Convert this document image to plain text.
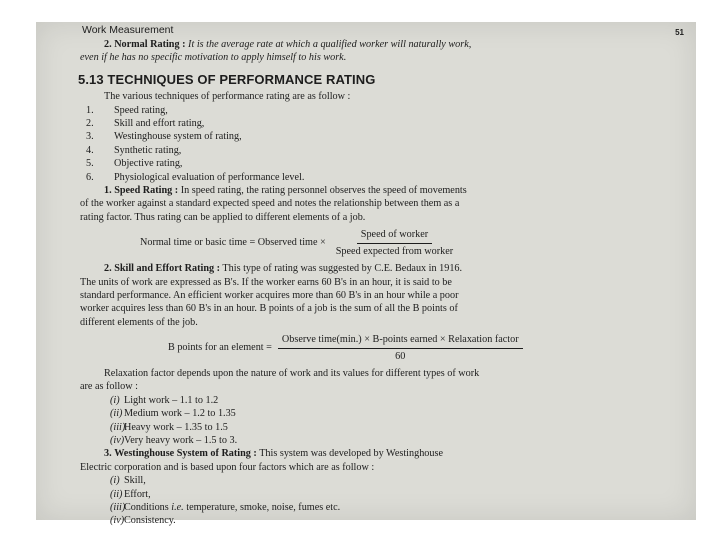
Work Measurement	51

2. Normal Rating : It is the average rate at which a qualified worker will naturally work,

even if he has no specific motivation to apply himself to his work.

5.13 TECHNIQUES OF PERFORMANCE RATING

The various techniques of performance rating are as follow :

1.	Speed rating,
2.	Skill and effort rating,
3.	Westinghouse system of rating,
4.	Synthetic rating,
5.	Objective rating,
6.	Physiological evaluation of performance level.

1. Speed Rating : In speed rating, the rating personnel observes the speed of movements

of the worker against a standard expected speed and notes the relationship between them as a

rating factor. Thus rating can be applied to different elements of a job.

Normal time or basic time = Observed time × $\frac{\text{Speed of worker}}{\text{Speed expected from worker}}$

2. Skill and Effort Rating : This type of rating was suggested by C.E. Bedaux in 1916.

The units of work are expressed as B's. If the worker earns 60 B's in an hour, it is said to be

standard performance. An efficient worker acquires more than 60 B's in an hour while a poor

worker acquires less than 60 B's in an hour. B points of a job is the sum of all the B points of

different elements of the job.

B points for an element = $\frac{\text{Observe time(min.) × B-points earned × Relaxation factor}}{60}$

Relaxation factor depends upon the nature of work and its values for different types of work

are as follow :

(i) Light work – 1.1 to 1.2
(ii) Medium work – 1.2 to 1.35
(iii)
Heavy work – 1.35 to 1.5
(iv) Very heavy work – 1.5 to 3.

3. Westinghouse System of Rating : This system was developed by Westinghouse

Electric corporation and is based upon four factors which are as follow :

(i) Skill,
(ii) Effort,
(iii)
Conditions i.e. temperature, smoke, noise, fumes etc.
(iv) Consistency.
